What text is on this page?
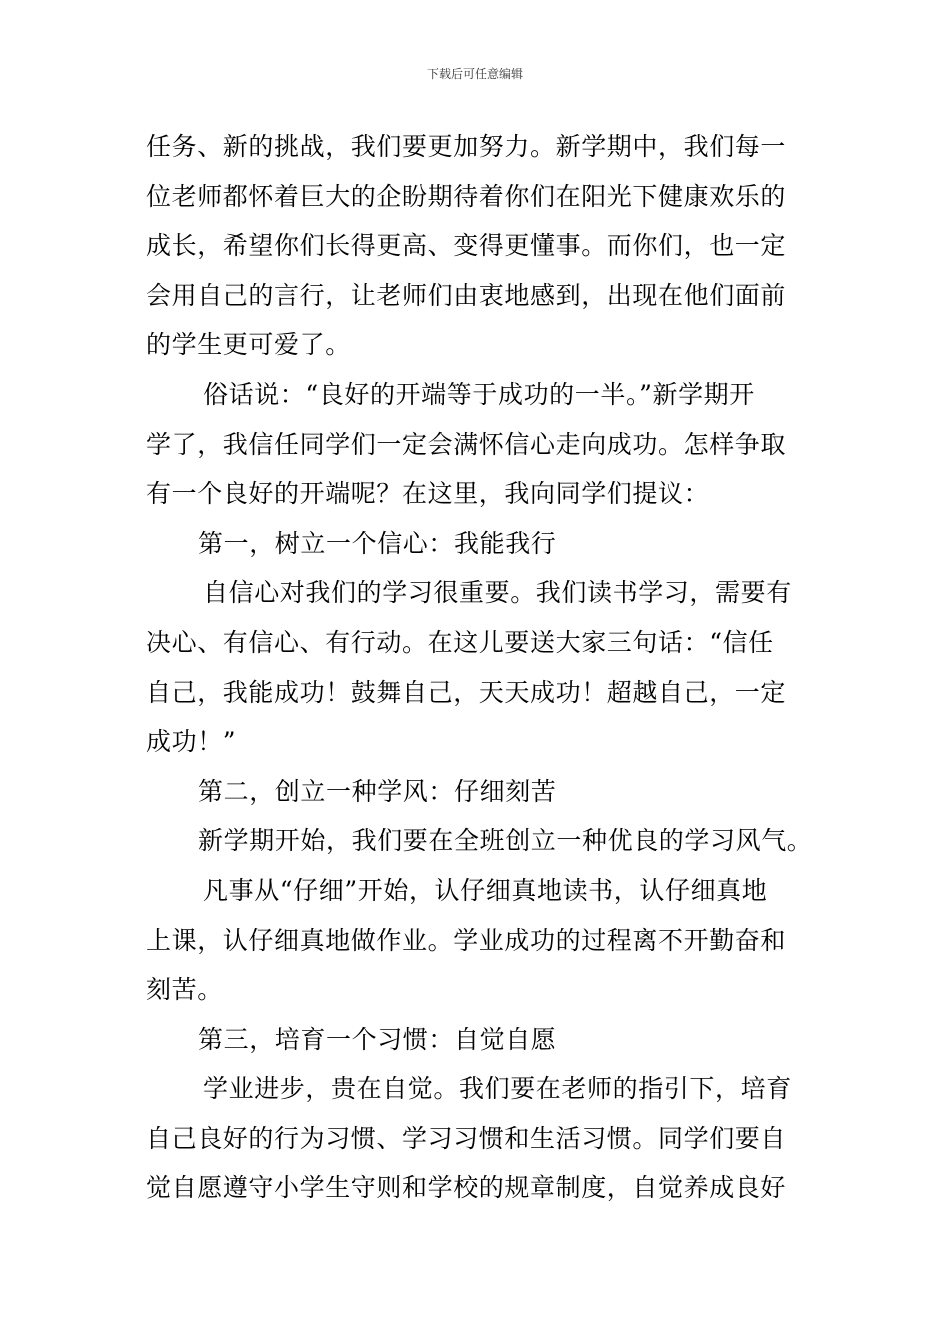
下载后可任意编辑

任务、新的挑战，我们要更加努力。新学期中，我们每一
位老师都怀着巨大的企盼期待着你们在阳光下健康欢乐的
成长，希望你们长得更高、变得更懂事。而你们，也一定
会用自己的言行，让老师们由衷地感到，出现在他们面前
的学生更可爱了。

俗话说：“良好的开端等于成功的一半。”新学期开
学了，我信任同学们一定会满怀信心走向成功。怎样争取
有一个良好的开端呢？在这里，我向同学们提议：

第一，树立一个信心：我能我行

自信心对我们的学习很重要。我们读书学习，需要有
决心、有信心、有行动。在这儿要送大家三句话：“信任
自己，我能成功！鼓舞自己，天天成功！超越自己，一定
成功！”

第二，创立一种学风：仔细刻苦

新学期开始，我们要在全班创立一种优良的学习风气。

凡事从“仔细”开始，认仔细真地读书，认仔细真地
上课，认仔细真地做作业。学业成功的过程离不开勤奋和
刻苦。

第三，培育一个习惯：自觉自愿

学业进步，贵在自觉。我们要在老师的指引下，培育
自己良好的行为习惯、学习习惯和生活习惯。同学们要自
觉自愿遵守小学生守则和学校的规章制度，自觉养成良好
